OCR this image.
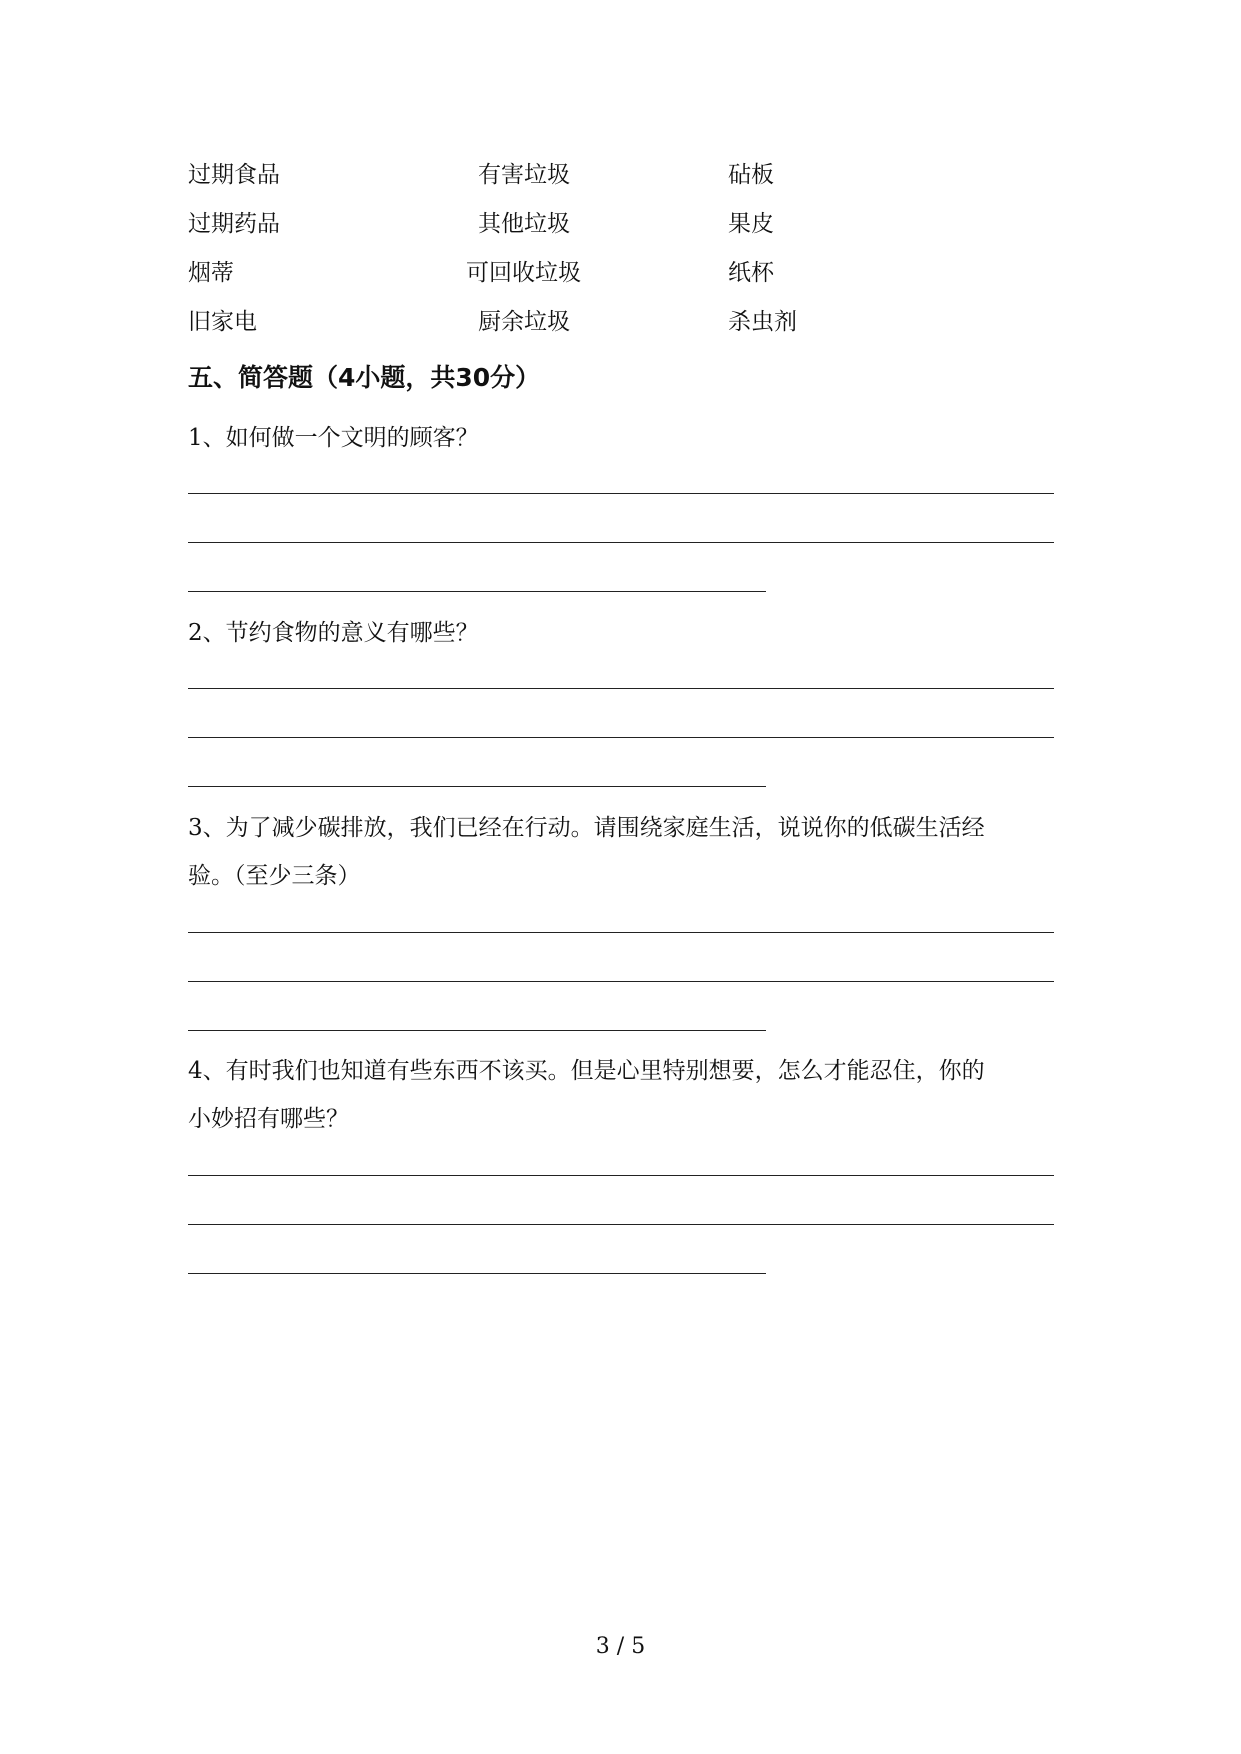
过期食品	有害垃圾	砧板
过期药品	其他垃圾	果皮
烟蒂	可回收垃圾	纸杯
旧家电	厨余垃圾	杀虫剂
五、简答题（4小题，共30分）
1、如何做一个文明的顾客？
2、节约食物的意义有哪些？
3、为了减少碳排放，我们已经在行动。请围绕家庭生活，说说你的低碳生活经
验。（至少三条）
4、有时我们也知道有些东西不该买。但是心里特别想要，怎么才能忍住，你的
小妙招有哪些？
3 / 5
